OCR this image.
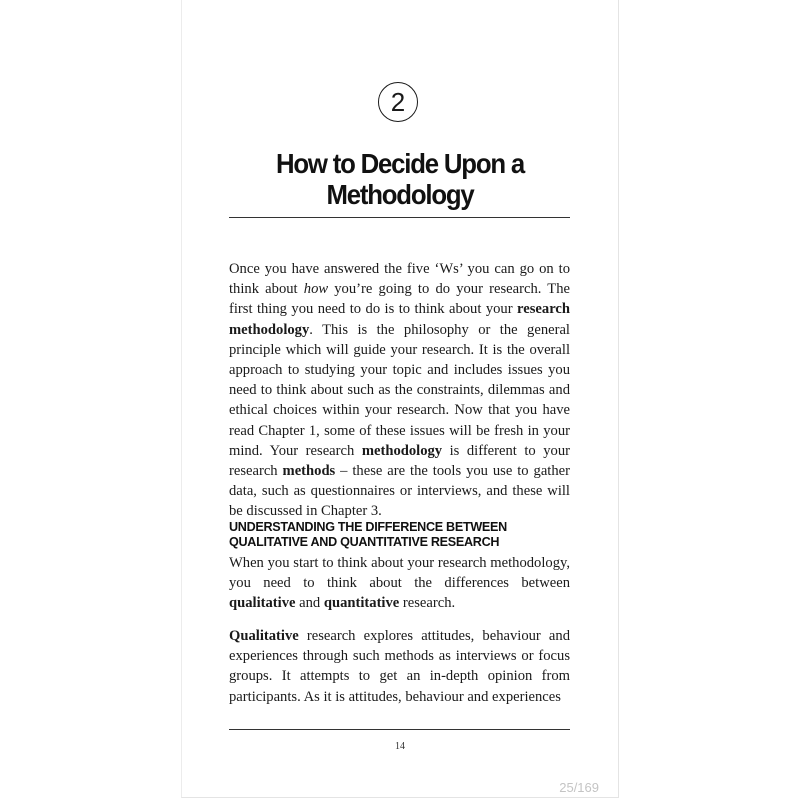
2
How to Decide Upon a Methodology
Once you have answered the five ‘Ws’ you can go on to think about how you’re going to do your research. The first thing you need to do is to think about your research methodology. This is the philosophy or the general principle which will guide your research. It is the overall approach to studying your topic and includes issues you need to think about such as the constraints, dilemmas and ethical choices within your research. Now that you have read Chapter 1, some of these issues will be fresh in your mind. Your research methodology is different to your research methods – these are the tools you use to gather data, such as questionnaires or interviews, and these will be discussed in Chapter 3.
UNDERSTANDING THE DIFFERENCE BETWEEN QUALITATIVE AND QUANTITATIVE RESEARCH
When you start to think about your research methodology, you need to think about the differences between qualitative and quantitative research.
Qualitative research explores attitudes, behaviour and experiences through such methods as interviews or focus groups. It attempts to get an in-depth opinion from participants. As it is attitudes, behaviour and experiences
14
25/169
